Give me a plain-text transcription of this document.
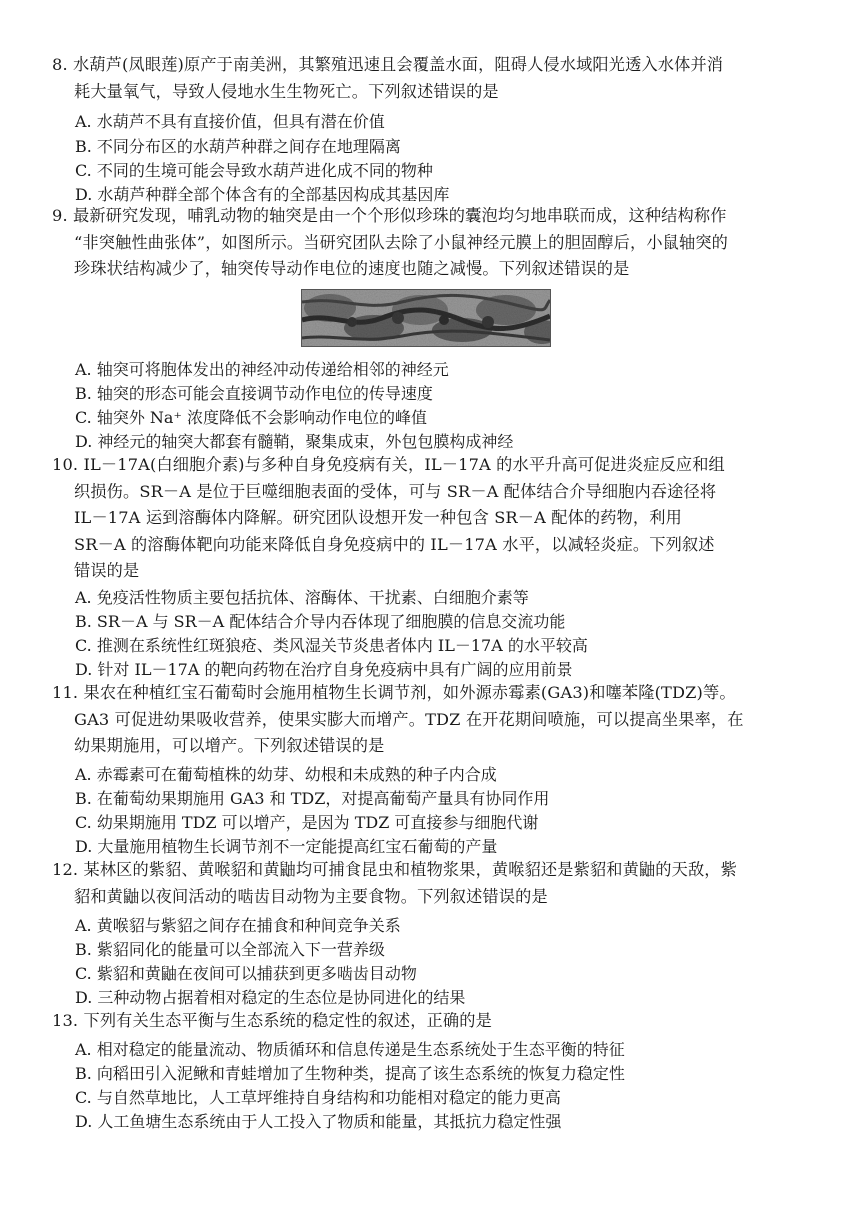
8. 水葫芦(凤眼莲)原产于南美洲，其繁殖迅速且会覆盖水面，阻碍人侵水域阳光透入水体并消
耗大量氧气，导致人侵地水生生物死亡。下列叙述错误的是
A. 水葫芦不具有直接价值，但具有潜在价值
B. 不同分布区的水葫芦种群之间存在地理隔离
C. 不同的生境可能会导致水葫芦进化成不同的物种
D. 水葫芦种群全部个体含有的全部基因构成其基因库
9. 最新研究发现，哺乳动物的轴突是由一个个形似珍珠的囊泡均匀地串联而成，这种结构称作
“非突触性曲张体”，如图所示。当研究团队去除了小鼠神经元膜上的胆固醇后，小鼠轴突的
珍珠状结构减少了，轴突传导动作电位的速度也随之减慢。下列叙述错误的是
A. 轴突可将胞体发出的神经冲动传递给相邻的神经元
B. 轴突的形态可能会直接调节动作电位的传导速度
C. 轴突外 Na⁺ 浓度降低不会影响动作电位的峰值
D. 神经元的轴突大都套有髓鞘，聚集成束，外包包膜构成神经
10. IL－17A(白细胞介素)与多种自身免疫病有关，IL－17A 的水平升高可促进炎症反应和组
织损伤。SR－A 是位于巨噬细胞表面的受体，可与 SR－A 配体结合介导细胞内吞途径将
IL－17A 运到溶酶体内降解。研究团队设想开发一种包含 SR－A 配体的药物，利用
SR－A 的溶酶体靶向功能来降低自身免疫病中的 IL－17A 水平，以减轻炎症。下列叙述
错误的是
A. 免疫活性物质主要包括抗体、溶酶体、干扰素、白细胞介素等
B. SR－A 与 SR－A 配体结合介导内吞体现了细胞膜的信息交流功能
C. 推测在系统性红斑狼疮、类风湿关节炎患者体内 IL－17A 的水平较高
D. 针对 IL－17A 的靶向药物在治疗自身免疫病中具有广阔的应用前景
11. 果农在种植红宝石葡萄时会施用植物生长调节剂，如外源赤霉素(GA3)和噻苯隆(TDZ)等。
GA3 可促进幼果吸收营养，使果实膨大而增产。TDZ 在开花期间喷施，可以提高坐果率，在
幼果期施用，可以增产。下列叙述错误的是
A. 赤霉素可在葡萄植株的幼芽、幼根和未成熟的种子内合成
B. 在葡萄幼果期施用 GA3 和 TDZ，对提高葡萄产量具有协同作用
C. 幼果期施用 TDZ 可以增产，是因为 TDZ 可直接参与细胞代谢
D. 大量施用植物生长调节剂不一定能提高红宝石葡萄的产量
12. 某林区的紫貂、黄喉貂和黄鼬均可捕食昆虫和植物浆果，黄喉貂还是紫貂和黄鼬的天敌，紫
貂和黄鼬以夜间活动的啮齿目动物为主要食物。下列叙述错误的是
A. 黄喉貂与紫貂之间存在捕食和种间竞争关系
B. 紫貂同化的能量可以全部流入下一营养级
C. 紫貂和黄鼬在夜间可以捕获到更多啮齿目动物
D. 三种动物占据着相对稳定的生态位是协同进化的结果
13. 下列有关生态平衡与生态系统的稳定性的叙述，正确的是
A. 相对稳定的能量流动、物质循环和信息传递是生态系统处于生态平衡的特征
B. 向稻田引入泥鳅和青蛙增加了生物种类，提高了该生态系统的恢复力稳定性
C. 与自然草地比，人工草坪维持自身结构和功能相对稳定的能力更高
D. 人工鱼塘生态系统由于人工投入了物质和能量，其抵抗力稳定性强
